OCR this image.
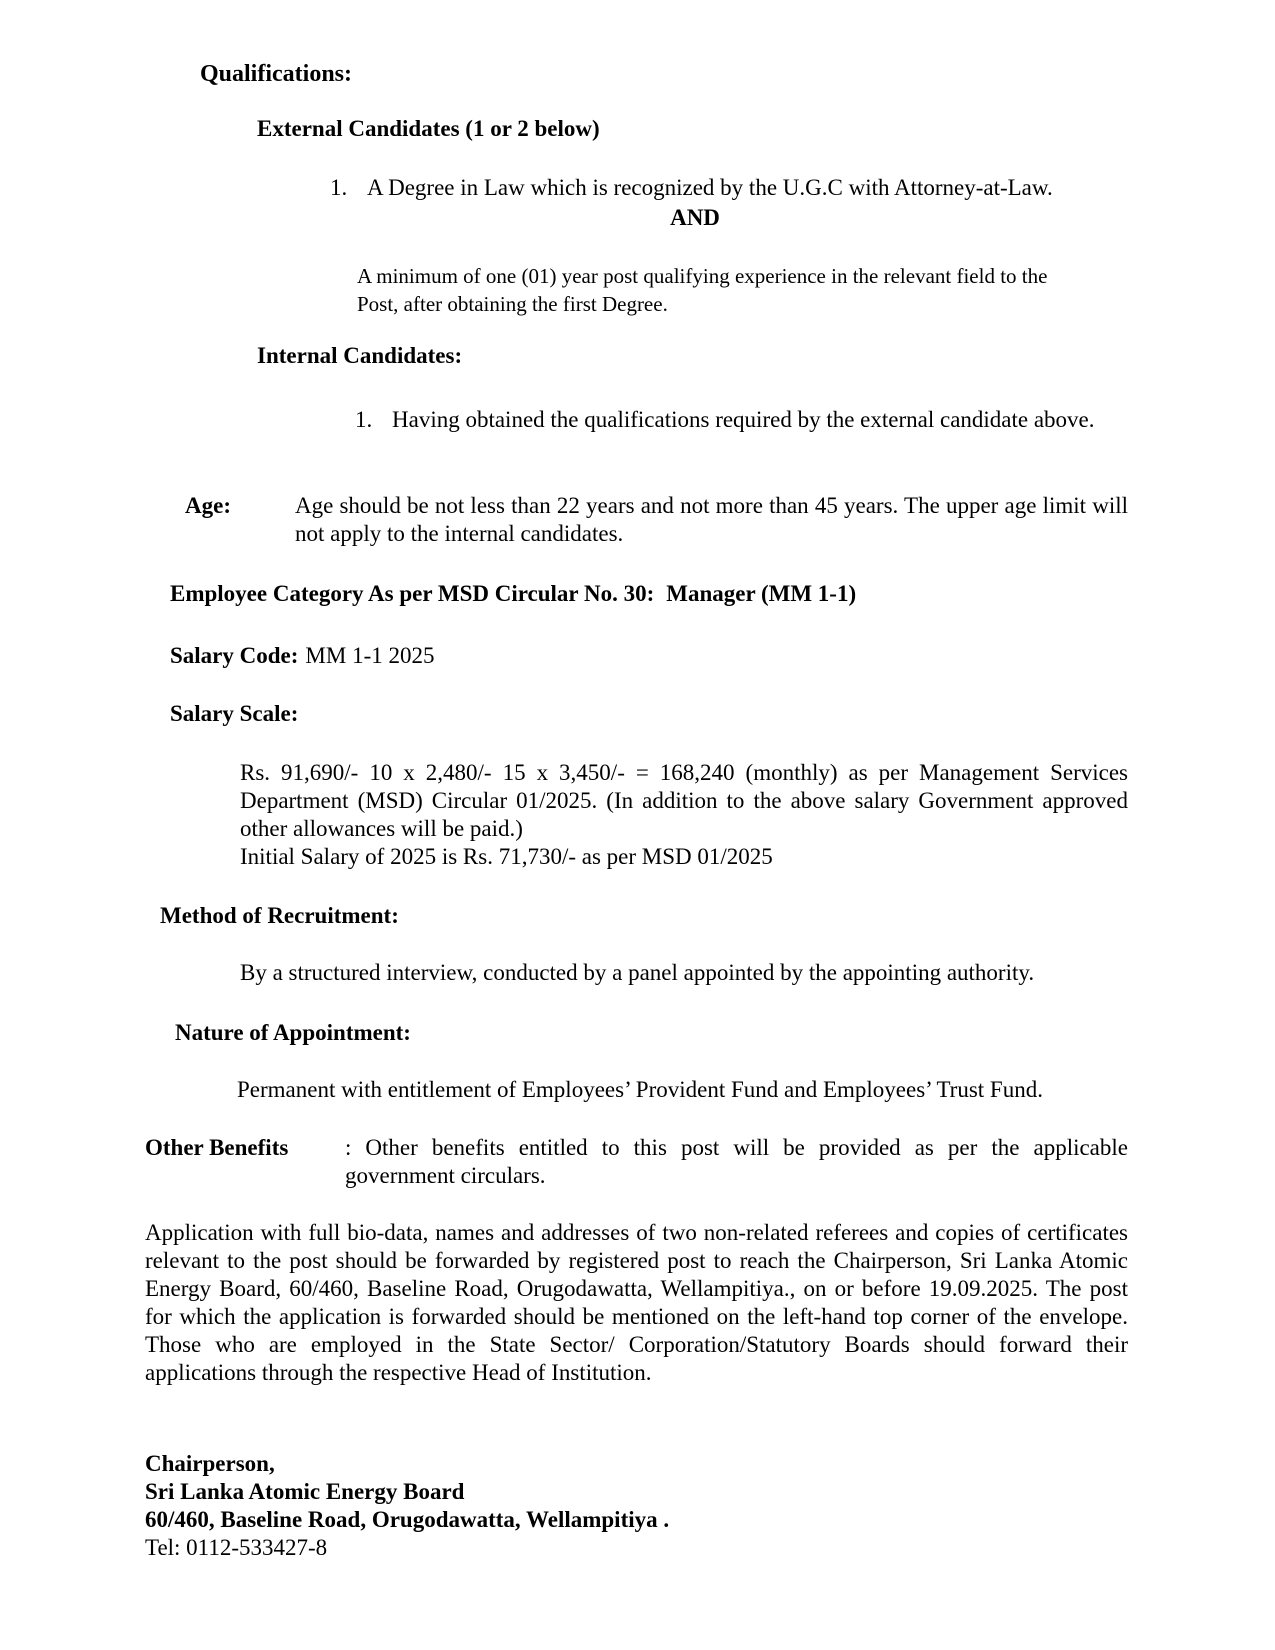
Qualifications:
External Candidates (1 or 2 below)
1. A Degree in Law which is recognized by the U.G.C with Attorney-at-Law.
AND
A minimum of one (01) year post qualifying experience in the relevant field to the Post, after obtaining the first Degree.
Internal Candidates:
1. Having obtained the qualifications required by the external candidate above.
Age:	Age should be not less than 22 years and not more than 45 years. The upper age limit will not apply to the internal candidates.
Employee Category As per MSD Circular No. 30: Manager (MM 1-1)
Salary Code: MM 1-1 2025
Salary Scale:
Rs. 91,690/- 10 x 2,480/- 15 x 3,450/- = 168,240 (monthly) as per Management Services Department (MSD) Circular 01/2025. (In addition to the above salary Government approved other allowances will be paid.)
Initial Salary of 2025 is Rs. 71,730/- as per MSD 01/2025
Method of Recruitment:
By a structured interview, conducted by a panel appointed by the appointing authority.
Nature of Appointment:
Permanent with entitlement of Employees’ Provident Fund and Employees’ Trust Fund.
Other Benefits	: Other benefits entitled to this post will be provided as per the applicable government circulars.
Application with full bio-data, names and addresses of two non-related referees and copies of certificates relevant to the post should be forwarded by registered post to reach the Chairperson, Sri Lanka Atomic Energy Board, 60/460, Baseline Road, Orugodawatta, Wellampitiya., on or before 19.09.2025. The post for which the application is forwarded should be mentioned on the left-hand top corner of the envelope. Those who are employed in the State Sector/ Corporation/Statutory Boards should forward their applications through the respective Head of Institution.
Chairperson,
Sri Lanka Atomic Energy Board
60/460, Baseline Road, Orugodawatta, Wellampitiya .
Tel: 0112-533427-8
